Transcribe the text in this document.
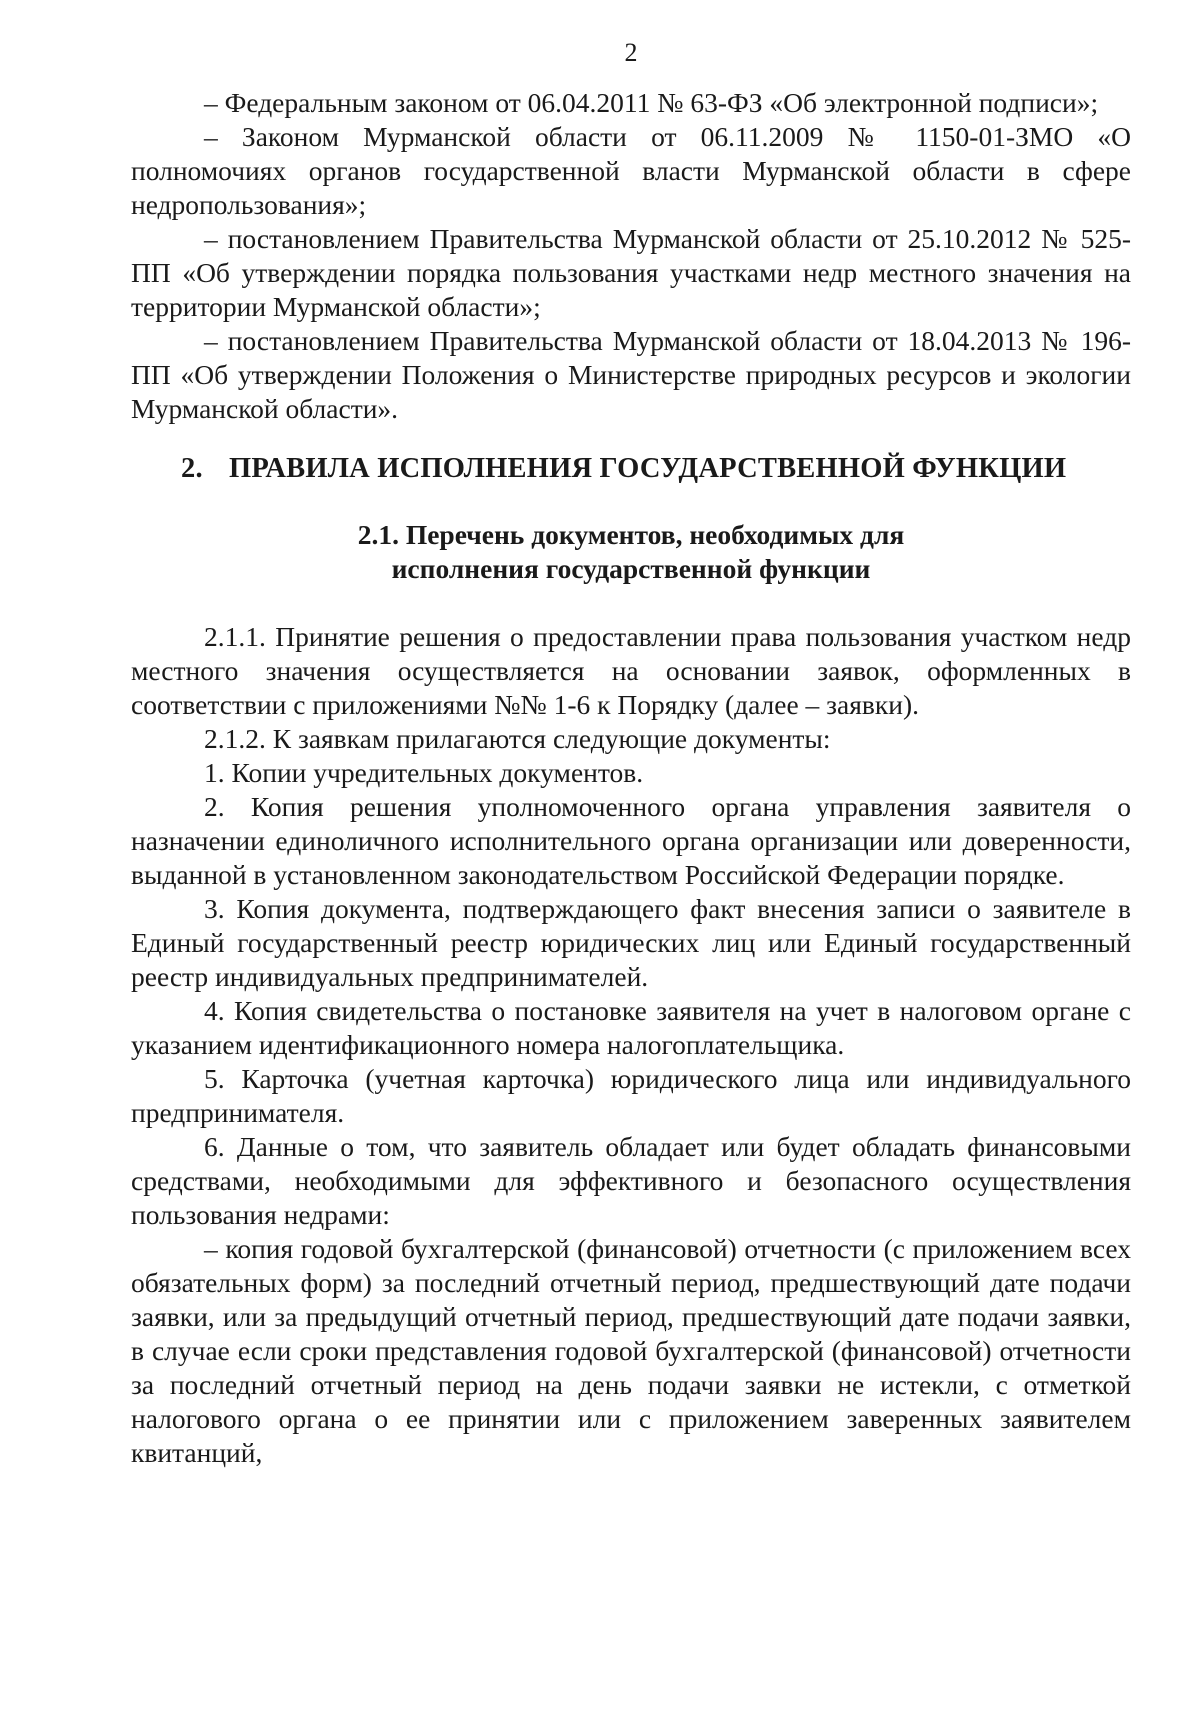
2

– Федеральным законом от 06.04.2011 № 63-ФЗ «Об электронной подписи»;

– Законом Мурманской области от 06.11.2009 № 1150-01-ЗМО «О полномочиях органов государственной власти Мурманской области в сфере недропользования»;

– постановлением Правительства Мурманской области от 25.10.2012 № 525-ПП «Об утверждении порядка пользования участками недр местного значения на территории Мурманской области»;

– постановлением Правительства Мурманской области от 18.04.2013 № 196-ПП «Об утверждении Положения о Министерстве природных ресурсов и экологии Мурманской области».

2. ПРАВИЛА ИСПОЛНЕНИЯ ГОСУДАРСТВЕННОЙ ФУНКЦИИ
2.1. Перечень документов, необходимых для
исполнения государственной функции

2.1.1. Принятие решения о предоставлении права пользования участком недр местного значения осуществляется на основании заявок, оформленных в соответствии с приложениями №№ 1-6 к Порядку (далее – заявки).

2.1.2. К заявкам прилагаются следующие документы:

1. Копии учредительных документов.

2. Копия решения уполномоченного органа управления заявителя о назначении единоличного исполнительного органа организации или доверенности, выданной в установленном законодательством Российской Федерации порядке.

3. Копия документа, подтверждающего факт внесения записи о заявителе в Единый государственный реестр юридических лиц или Единый государственный реестр индивидуальных предпринимателей.

4. Копия свидетельства о постановке заявителя на учет в налоговом органе с указанием идентификационного номера налогоплательщика.

5. Карточка (учетная карточка) юридического лица или индивидуального предпринимателя.

6. Данные о том, что заявитель обладает или будет обладать финансовыми средствами, необходимыми для эффективного и безопасного осуществления пользования недрами:

– копия годовой бухгалтерской (финансовой) отчетности (с приложением всех обязательных форм) за последний отчетный период, предшествующий дате подачи заявки, или за предыдущий отчетный период, предшествующий дате подачи заявки, в случае если сроки представления годовой бухгалтерской (финансовой) отчетности за последний отчетный период на день подачи заявки не истекли, с отметкой налогового органа о ее принятии или с приложением заверенных заявителем квитанций,
